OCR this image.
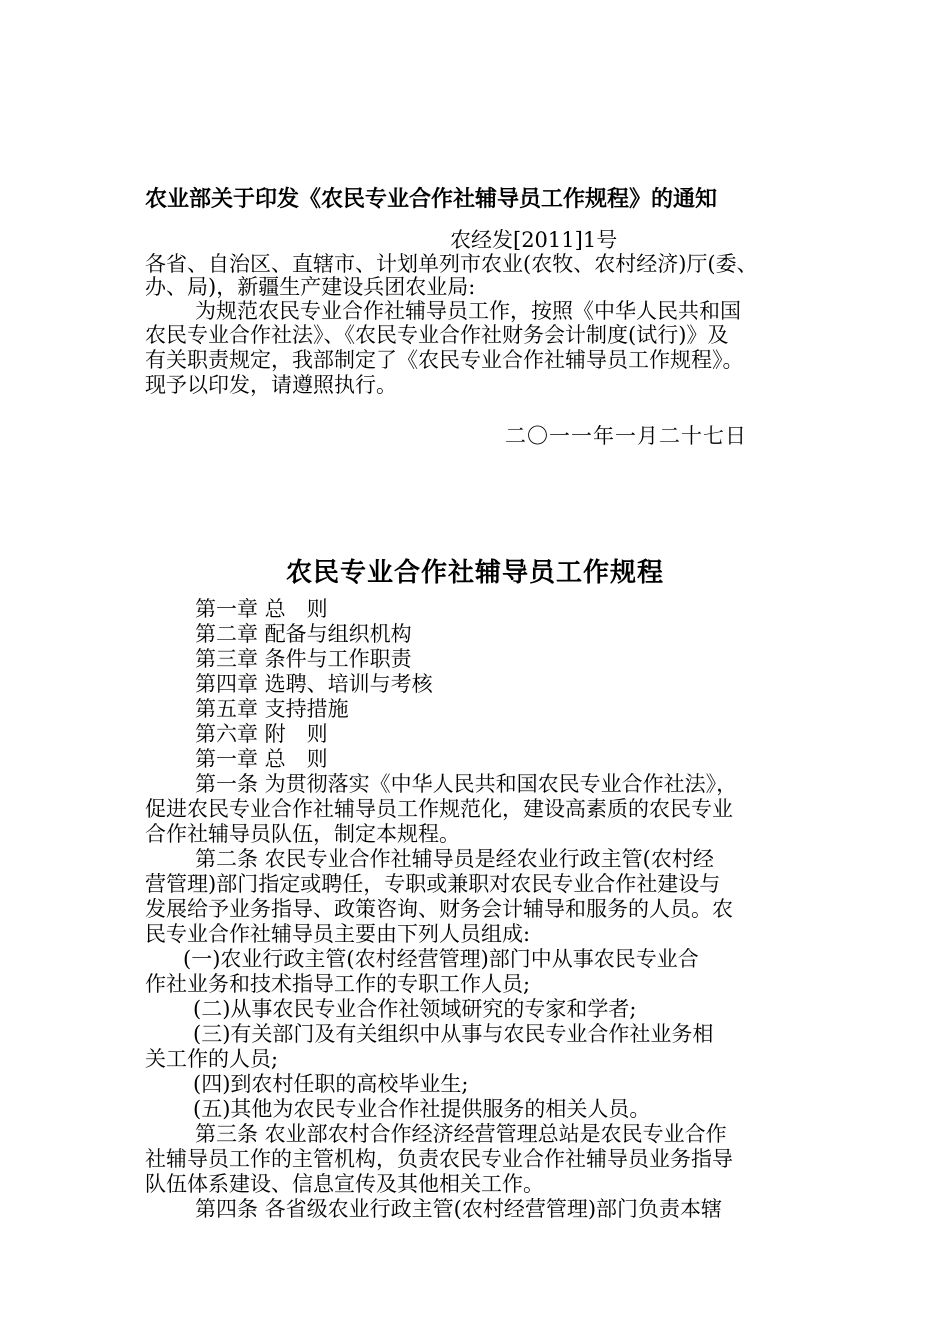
农业部关于印发《农民专业合作社辅导员工作规程》的通知
农经发[2011]1号
各省、自治区、直辖市、计划单列市农业(农牧、农村经济)厅(委、
办、局)，新疆生产建设兵团农业局:
为规范农民专业合作社辅导员工作，按照《中华人民共和国
农民专业合作社法》、《农民专业合作社财务会计制度(试行)》及
有关职责规定，我部制定了《农民专业合作社辅导员工作规程》。
现予以印发，请遵照执行。
二〇一一年一月二十七日
农民专业合作社辅导员工作规程
第一章 总　则
第二章 配备与组织机构
第三章 条件与工作职责
第四章 选聘、培训与考核
第五章 支持措施
第六章 附　则
第一章 总　则
第一条 为贯彻落实《中华人民共和国农民专业合作社法》，
促进农民专业合作社辅导员工作规范化，建设高素质的农民专业
合作社辅导员队伍，制定本规程。
第二条 农民专业合作社辅导员是经农业行政主管(农村经
营管理)部门指定或聘任，专职或兼职对农民专业合作社建设与
发展给予业务指导、政策咨询、财务会计辅导和服务的人员。农
民专业合作社辅导员主要由下列人员组成:
(一)农业行政主管(农村经营管理)部门中从事农民专业合
作社业务和技术指导工作的专职工作人员;
(二)从事农民专业合作社领域研究的专家和学者;
(三)有关部门及有关组织中从事与农民专业合作社业务相
关工作的人员;
(四)到农村任职的高校毕业生;
(五)其他为农民专业合作社提供服务的相关人员。
第三条 农业部农村合作经济经营管理总站是农民专业合作
社辅导员工作的主管机构，负责农民专业合作社辅导员业务指导
队伍体系建设、信息宣传及其他相关工作。
第四条 各省级农业行政主管(农村经营管理)部门负责本辖
